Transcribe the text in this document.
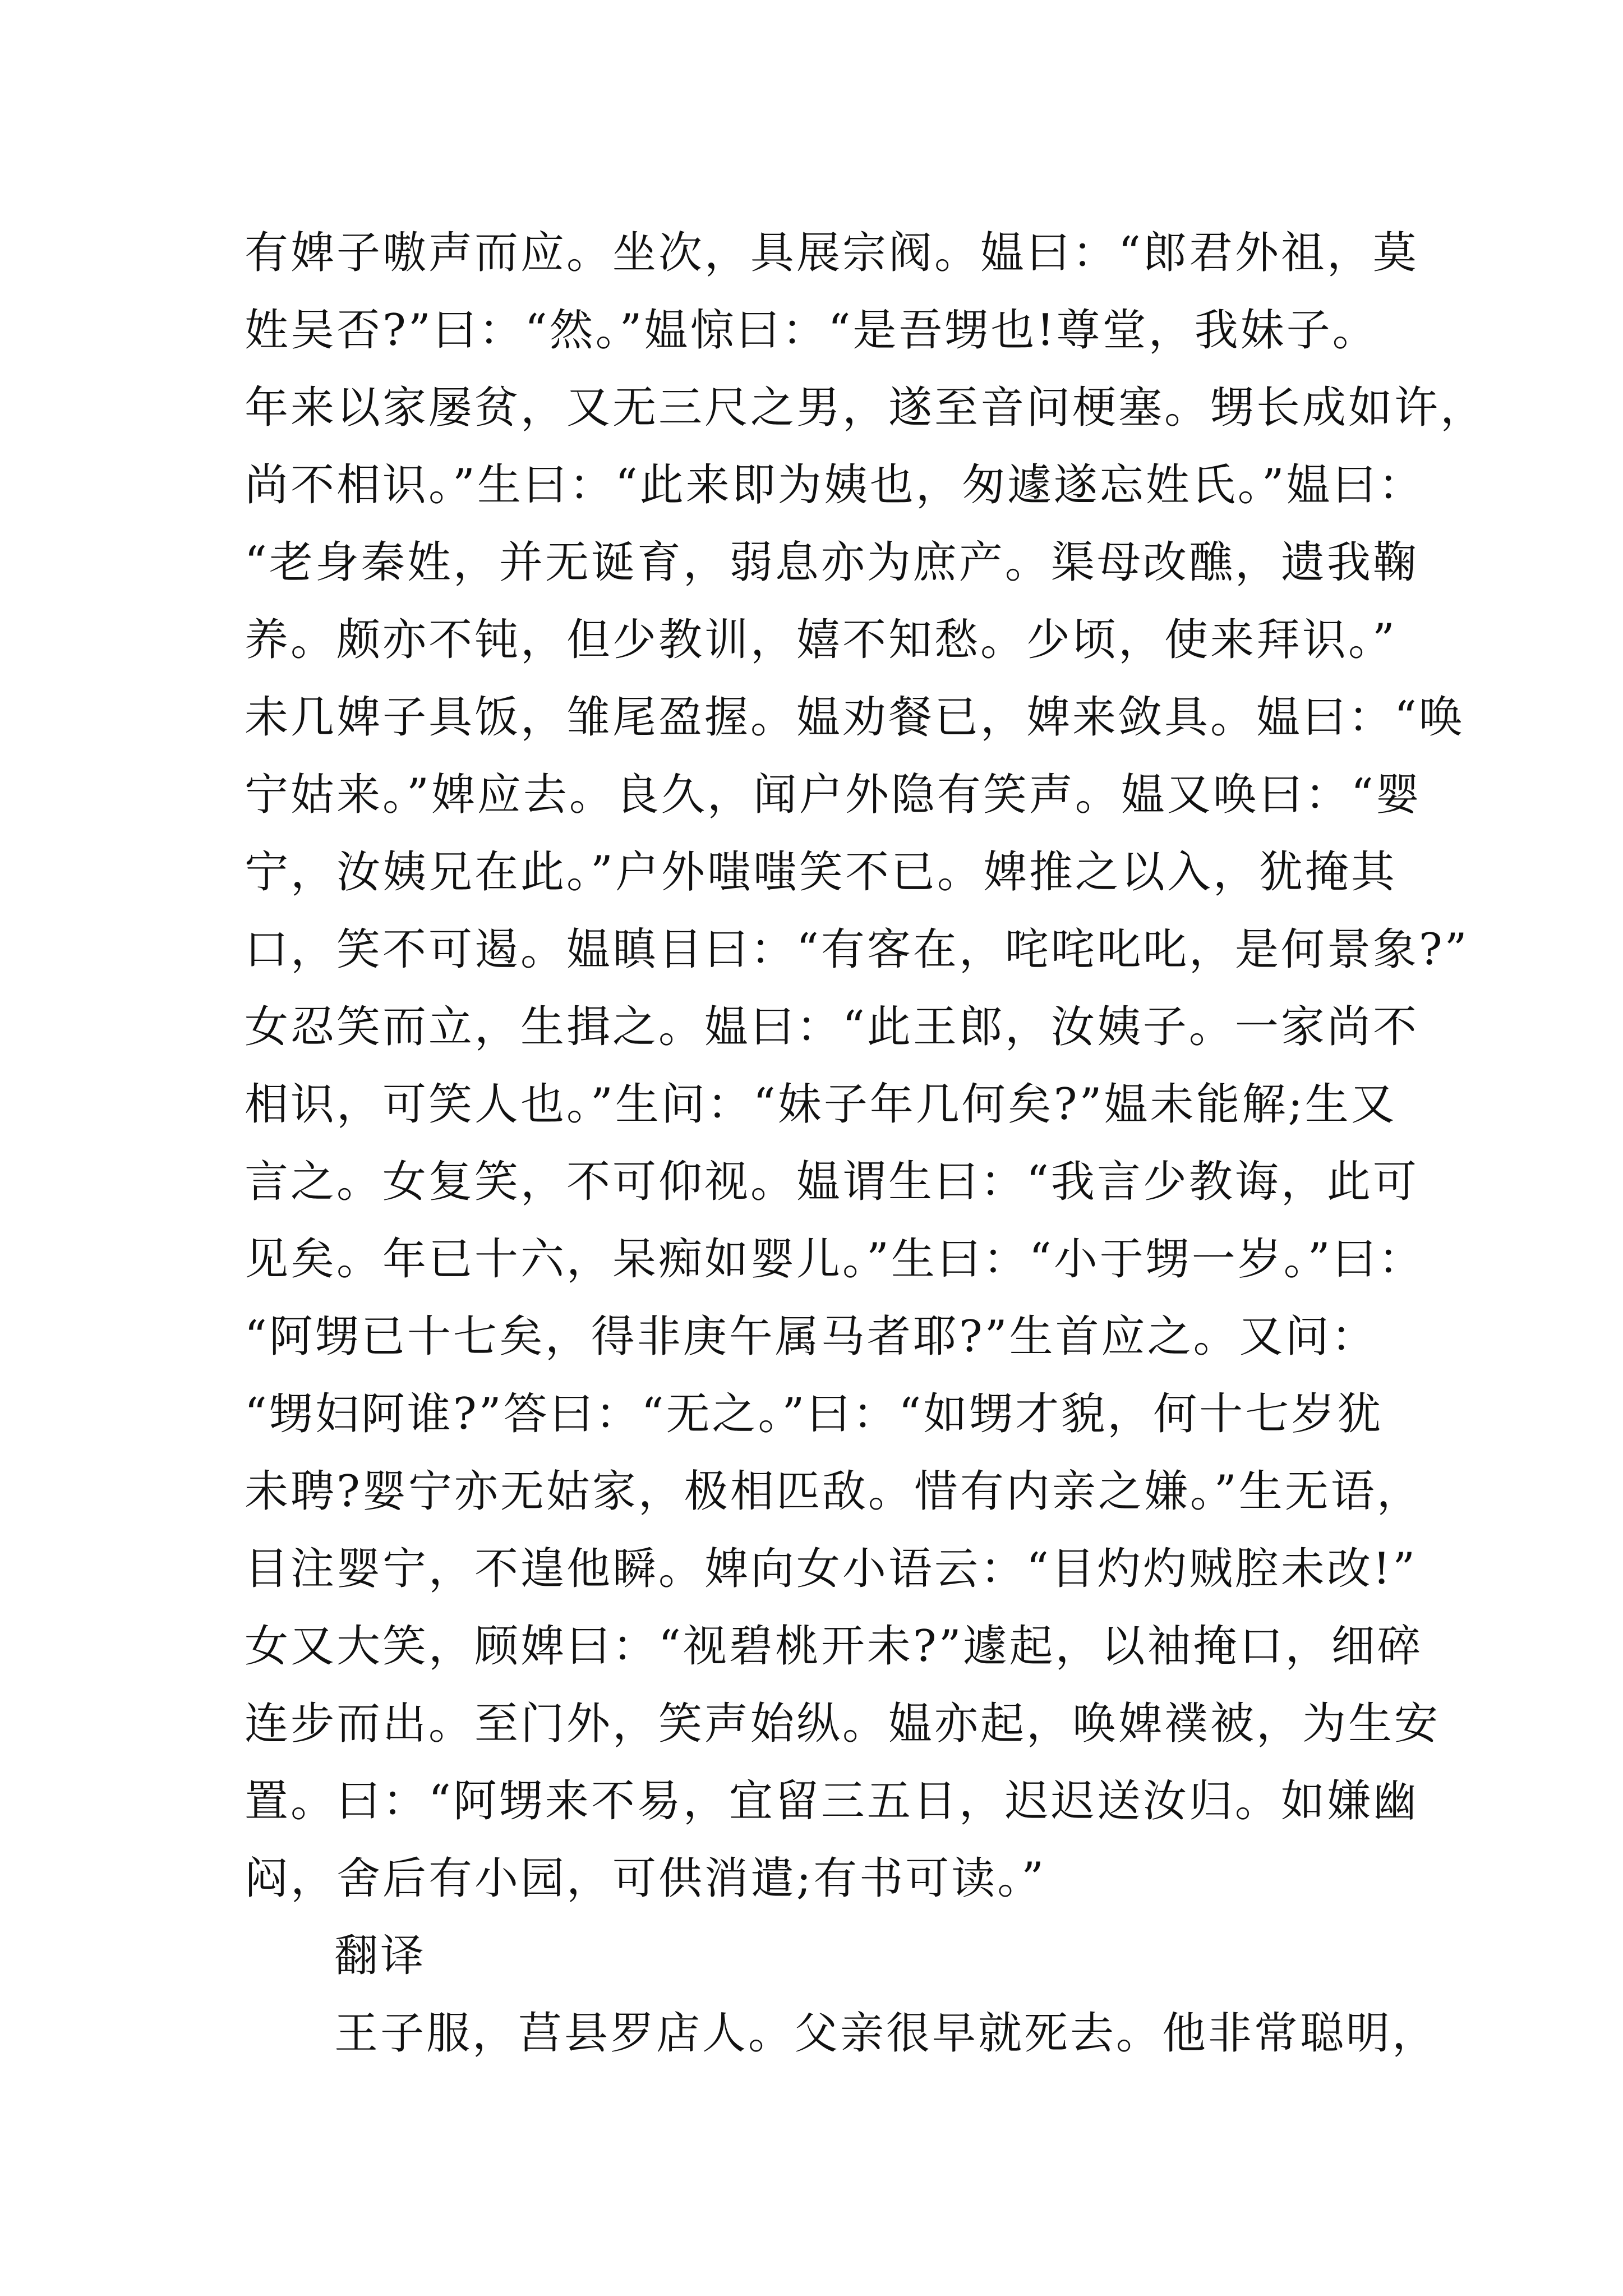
有婢子嗷声而应。坐次，具展宗阀。媪曰：“郎君外祖，莫
姓吴否?”曰：“然。”媪惊曰：“是吾甥也!尊堂，我妹子。
年来以家屡贫，又无三尺之男，遂至音问梗塞。甥长成如许，
尚不相识。”生曰：“此来即为姨也，匆遽遂忘姓氏。”媪曰：
“老身秦姓，并无诞育，弱息亦为庶产。渠母改醮，遗我鞠
养。颇亦不钝，但少教训，嬉不知愁。少顷，使来拜识。”
未几婢子具饭，雏尾盈握。媪劝餐已，婢来敛具。媪曰：“唤
宁姑来。”婢应去。良久，闻户外隐有笑声。媪又唤曰：“婴
宁，汝姨兄在此。”户外嗤嗤笑不已。婢推之以入，犹掩其
口，笑不可遏。媪瞋目曰：“有客在，咤咤叱叱，是何景象?”
女忍笑而立，生揖之。媪曰：“此王郎，汝姨子。一家尚不
相识，可笑人也。”生问：“妹子年几何矣?”媪未能解;生又
言之。女复笑，不可仰视。媪谓生曰：“我言少教诲，此可
见矣。年已十六，呆痴如婴儿。”生曰：“小于甥一岁。”曰：
“阿甥已十七矣，得非庚午属马者耶?”生首应之。又问：
“甥妇阿谁?”答曰：“无之。”曰：“如甥才貌，何十七岁犹
未聘?婴宁亦无姑家，极相匹敌。惜有内亲之嫌。”生无语，
目注婴宁，不遑他瞬。婢向女小语云：“目灼灼贼腔未改!”
女又大笑，顾婢曰：“视碧桃开未?”遽起，以袖掩口，细碎
连步而出。至门外，笑声始纵。媪亦起，唤婢襆被，为生安
置。曰：“阿甥来不易，宜留三五日，迟迟送汝归。如嫌幽
闷，舍后有小园，可供消遣;有书可读。”
翻译
王子服，莒县罗店人。父亲很早就死去。他非常聪明，
